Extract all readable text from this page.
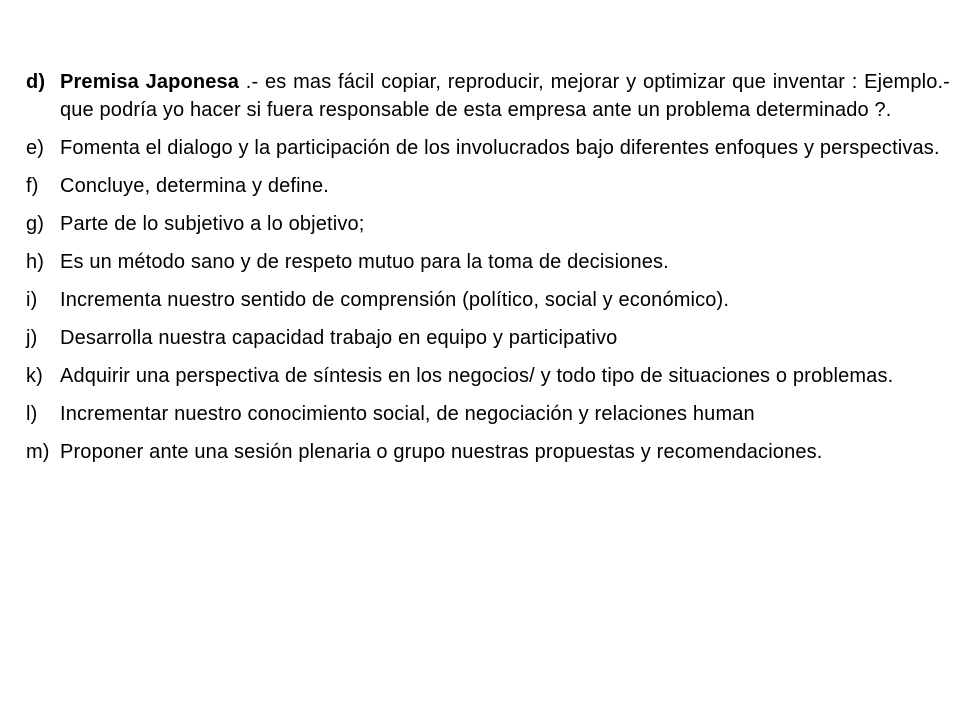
d) Premisa Japonesa .- es mas fácil copiar, reproducir, mejorar y optimizar que inventar : Ejemplo.- que podría yo hacer si fuera responsable de esta empresa ante un problema determinado ?.
e) Fomenta el dialogo y la participación de los involucrados bajo diferentes enfoques y perspectivas.
f)	Concluye, determina y define.
g) Parte de lo subjetivo a lo objetivo;
h) Es un método sano y de respeto mutuo para la toma de decisiones.
i)	Incrementa nuestro sentido de comprensión (político, social y económico).
j)	Desarrolla nuestra capacidad trabajo en equipo y participativo
k) Adquirir una perspectiva de síntesis en los negocios/ y todo tipo de situaciones o problemas.
l)	Incrementar nuestro conocimiento social, de negociación y relaciones human
m) Proponer ante una sesión plenaria o grupo nuestras propuestas y recomendaciones.
